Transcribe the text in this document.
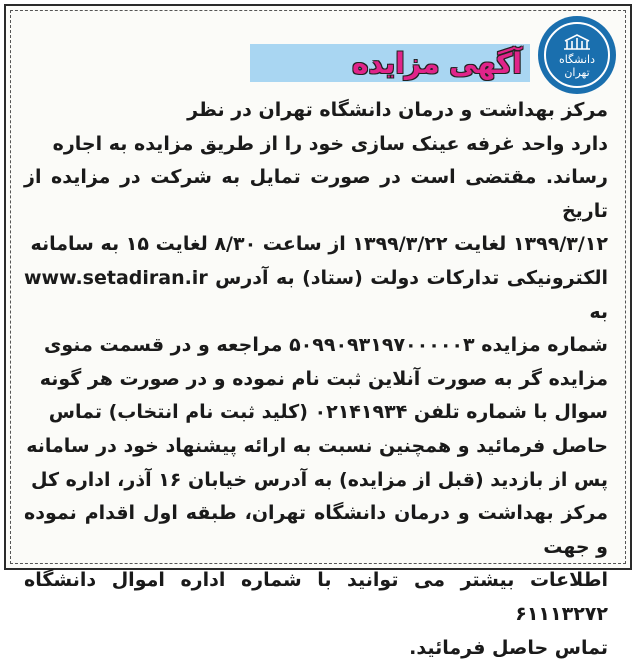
دانشگاه تهران
آگهی مزایده

مرکز بهداشت و درمان دانشگاه تهران در نظر

دارد واحد غرفه عینک سازی خود را از طریق مزایده به اجاره

رساند. مقتضی است در صورت تمایل به شرکت در مزایده از تاریخ

۱۳۹۹/۳/۱۲ لغایت ۱۳۹۹/۳/۲۲ از ساعت ۸/۳۰ لغایت ۱۵ به سامانه

الکترونیکی تدارکات دولت (ستاد) به آدرس www.setadiran.ir به

شماره مزایده ۵۰۹۹۰۹۳۱۹۷۰۰۰۰۰۳ مراجعه و در قسمت منوی

مزایده گر به صورت آنلاین ثبت نام نموده و در صورت هر گونه

سوال با شماره تلفن ۰۲۱۴۱۹۳۴ (کلید ثبت نام انتخاب) تماس

حاصل فرمائید و همچنین نسبت به ارائه پیشنهاد خود در سامانه

پس از بازدید (قبل از مزایده) به آدرس خیابان ۱۶ آذر، اداره کل

مرکز بهداشت و درمان دانشگاه تهران، طبقه اول اقدام نموده و جهت

اطلاعات بیشتر می توانید با شماره اداره اموال دانشگاه ۶۱۱۱۳۲۷۲

تماس حاصل فرمائید.
